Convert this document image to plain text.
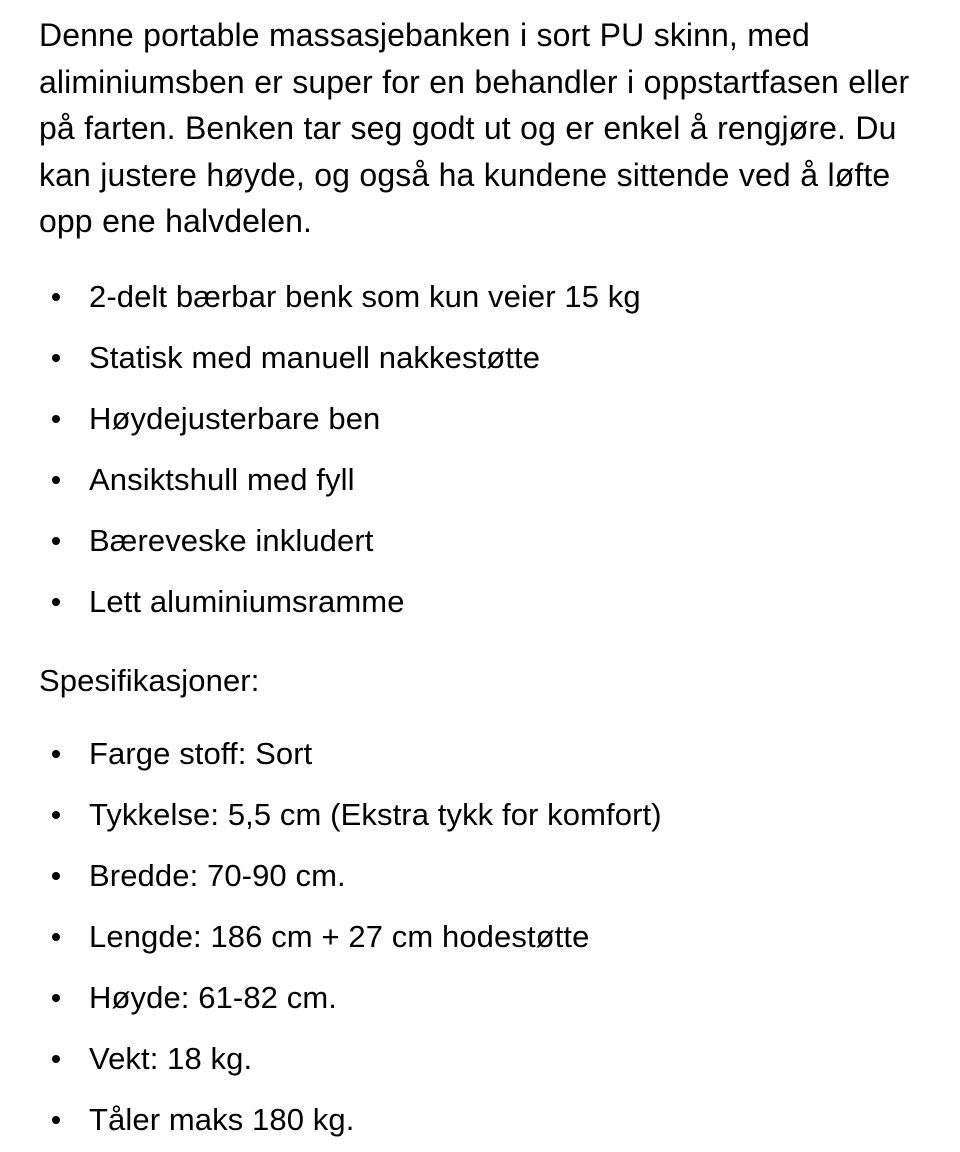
Denne portable massasjebanken i sort PU skinn, med aliminiumsben er super for en behandler i oppstartfasen eller på farten. Benken tar seg godt ut og er enkel å rengjøre. Du kan justere høyde, og også ha kundene sittende ved å løfte opp ene halvdelen.

2-delt bærbar benk som kun veier 15 kg
Statisk med manuell nakkestøtte
Høydejusterbare ben
Ansiktshull med fyll
Bæreveske inkludert
Lett aluminiumsramme

Spesifikasjoner:

Farge stoff: Sort
Tykkelse: 5,5 cm (Ekstra tykk for komfort)
Bredde: 70-90 cm.
Lengde: 186 cm + 27 cm hodestøtte
Høyde: 61-82 cm.
Vekt: 18 kg.
Tåler maks 180 kg.
